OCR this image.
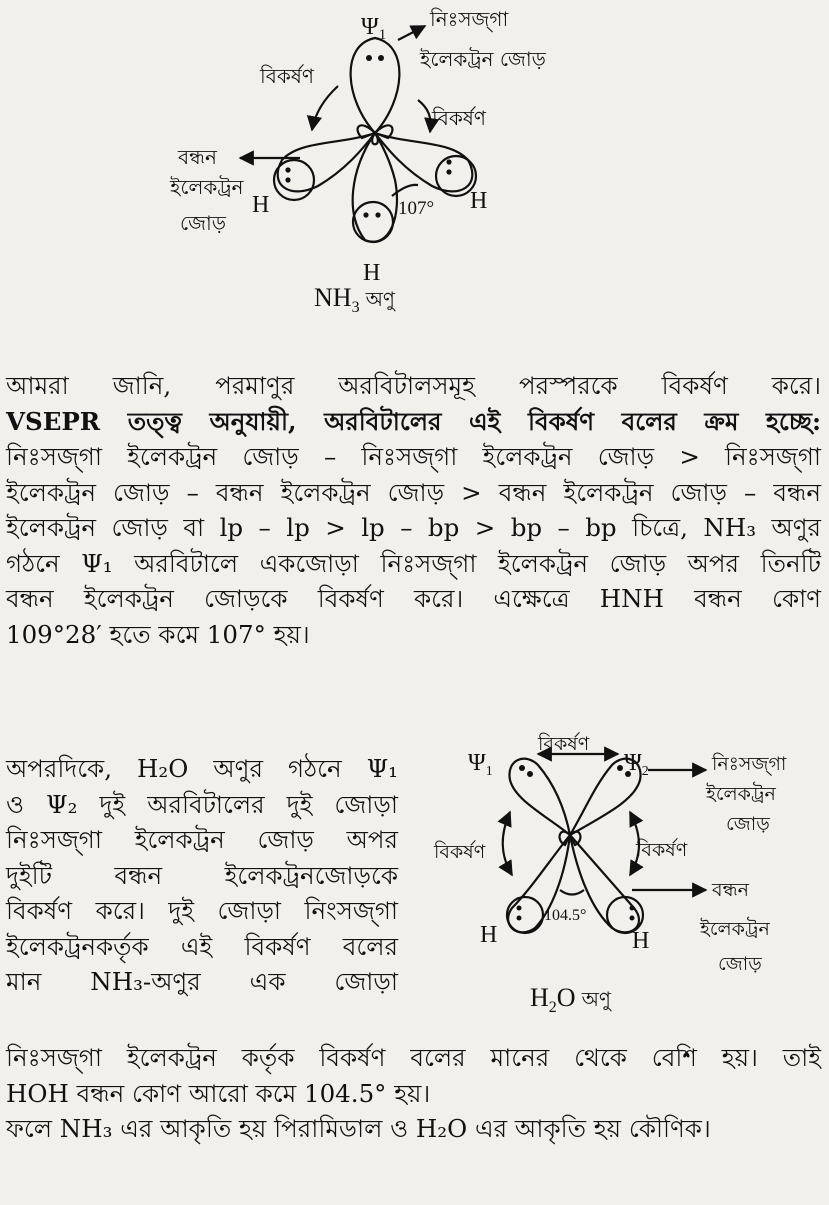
$\Psi_1$
নিঃসজ্গা
ইলেকট্রন জোড়
বিকর্ষণ
বিকর্ষণ
বন্ধন
ইলেকট্রন
জোড়
H	H
H
107°
$NH_3$ $^{অণু}$
আমরা জানি, পরমাণুর অরবিটালসমূহ পরস্পরকে বিকর্ষণ করে।
VSEPR তত্ত্ব অনুযায়ী, অরবিটালের এই বিকর্ষণ বলের ক্রম হচ্ছে:
নিঃসজ্গা ইলেকট্রন জোড় – নিঃসজ্গা ইলেকট্রন জোড় > নিঃসজ্গা
ইলেকট্রন জোড় – বন্ধন ইলেকট্রন জোড় > বন্ধন ইলেকট্রন জোড় – বন্ধন
ইলেকট্রন জোড় বা lp – lp > lp – bp > bp – bp চিত্রে, NH₃ অণুর
গঠনে Ψ₁ অরবিটালে একজোড়া নিঃসজ্গা ইলেকট্রন জোড় অপর তিনটি
বন্ধন ইলেকট্রন জোড়কে বিকর্ষণ করে। এক্ষেত্রে HNH বন্ধন কোণ
109°28′ হতে কমে 107° হয়।
অপরদিকে, H₂O অণুর গঠনে Ψ₁
ও Ψ₂ দুই অরবিটালের দুই জোড়া
নিঃসজ্গা ইলেকট্রন জোড় অপর
দুইটি বন্ধন ইলেকট্রনজোড়কে
বিকর্ষণ করে। দুই জোড়া নিংসজ্গা
ইলেকট্রনকর্তৃক এই বিকর্ষণ বলের
মান NH₃-অণুর এক জোড়া
$\Psi_1$	$\Psi_2$
বিকর্ষণ
বিকর্ষণ	বিকর্ষণ
নিঃসজ্গা
ইলেকট্রন
জোড়
বন্ধন
ইলেকট্রন
জোড়
H	H
104.5°
$H_2O$ অণু
নিঃসজ্গা ইলেকট্রন কর্তৃক বিকর্ষণ বলের মানের থেকে বেশি হয়। তাই
HOH বন্ধন কোণ আরো কমে 104.5° হয়।
ফলে NH₃ এর আকৃতি হয় পিরামিডাল ও H₂O এর আকৃতি হয় কৌণিক।
